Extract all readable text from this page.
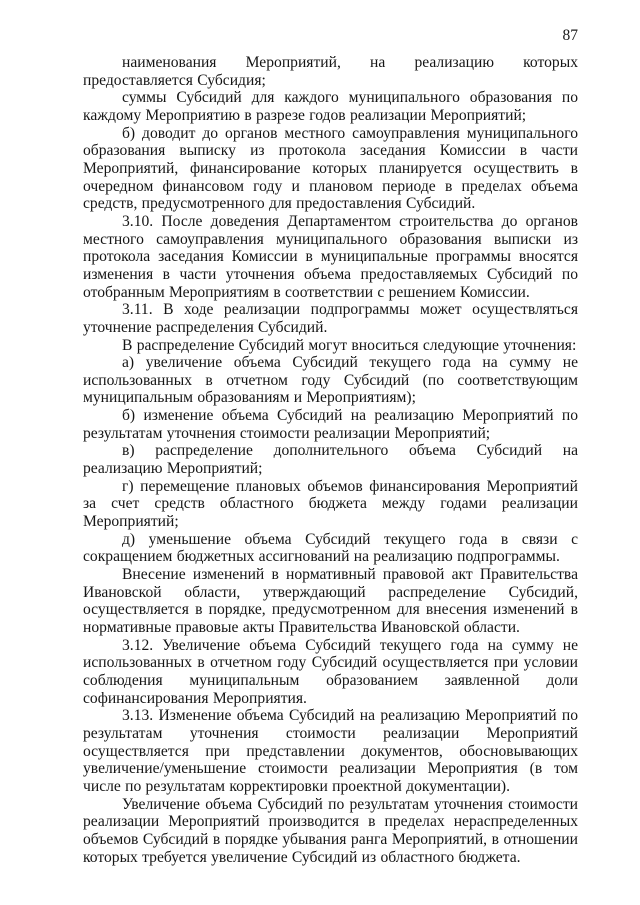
87

наименования Мероприятий, на реализацию которых предоставляется Субсидия;

суммы Субсидий для каждого муниципального образования по каждому Мероприятию в разрезе годов реализации Мероприятий;

б) доводит до органов местного самоуправления муниципального образования выписку из протокола заседания Комиссии в части Мероприятий, финансирование которых планируется осуществить в очередном финансовом году и плановом периоде в пределах объема средств, предусмотренного для предоставления Субсидий.

3.10. После доведения Департаментом строительства до органов местного самоуправления муниципального образования выписки из протокола заседания Комиссии в муниципальные программы вносятся изменения в части уточнения объема предоставляемых Субсидий по отобранным Мероприятиям в соответствии с решением Комиссии.

3.11. В ходе реализации подпрограммы может осуществляться уточнение распределения Субсидий.

В распределение Субсидий могут вноситься следующие уточнения:

а) увеличение объема Субсидий текущего года на сумму не использованных в отчетном году Субсидий (по соответствующим муниципальным образованиям и Мероприятиям);

б) изменение объема Субсидий на реализацию Мероприятий по результатам уточнения стоимости реализации Мероприятий;

в) распределение дополнительного объема Субсидий на реализацию Мероприятий;

г) перемещение плановых объемов финансирования Мероприятий за счет средств областного бюджета между годами реализации Мероприятий;

д) уменьшение объема Субсидий текущего года в связи с сокращением бюджетных ассигнований на реализацию подпрограммы.

Внесение изменений в нормативный правовой акт Правительства Ивановской области, утверждающий распределение Субсидий, осуществляется в порядке, предусмотренном для внесения изменений в нормативные правовые акты Правительства Ивановской области.

3.12. Увеличение объема Субсидий текущего года на сумму не использованных в отчетном году Субсидий осуществляется при условии соблюдения муниципальным образованием заявленной доли софинансирования Мероприятия.

3.13. Изменение объема Субсидий на реализацию Мероприятий по результатам уточнения стоимости реализации Мероприятий осуществляется при представлении документов, обосновывающих увеличение/уменьшение стоимости реализации Мероприятия (в том числе по результатам корректировки проектной документации).

Увеличение объема Субсидий по результатам уточнения стоимости реализации Мероприятий производится в пределах нераспределенных объемов Субсидий в порядке убывания ранга Мероприятий, в отношении которых требуется увеличение Субсидий из областного бюджета.
